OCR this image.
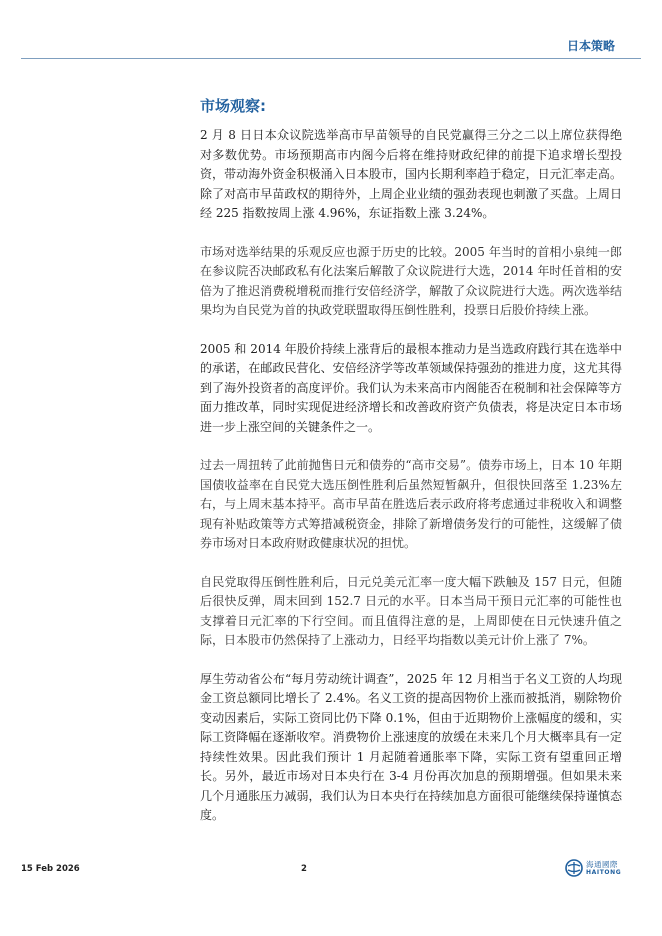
日本策略
市场观察:

2 月 8 日日本众议院选举高市早苗领导的自民党赢得三分之二以上席位获得绝对多数优势。市场预期高市内阁今后将在维持财政纪律的前提下追求增长型投资，带动海外资金积极涌入日本股市，国内长期利率趋于稳定，日元汇率走高。除了对高市早苗政权的期待外，上周企业业绩的强劲表现也刺激了买盘。上周日经 225 指数按周上涨 4.96%，东证指数上涨 3.24%。

市场对选举结果的乐观反应也源于历史的比较。2005 年当时的首相小泉纯一郎在参议院否决邮政私有化法案后解散了众议院进行大选，2014 年时任首相的安倍为了推迟消费税增税而推行安倍经济学，解散了众议院进行大选。两次选举结果均为自民党为首的执政党联盟取得压倒性胜利，投票日后股价持续上涨。

2005 和 2014 年股价持续上涨背后的最根本推动力是当选政府践行其在选举中的承诺，在邮政民营化、安倍经济学等改革领域保持强劲的推进力度，这尤其得到了海外投资者的高度评价。我们认为未来高市内阁能否在税制和社会保障等方面力推改革，同时实现促进经济增长和改善政府资产负债表，将是决定日本市场进一步上涨空间的关键条件之一。

过去一周扭转了此前抛售日元和债券的“高市交易”。债券市场上，日本 10 年期国债收益率在自民党大选压倒性胜利后虽然短暂飙升，但很快回落至 1.23%左右，与上周末基本持平。高市早苗在胜选后表示政府将考虑通过非税收入和调整现有补贴政策等方式筹措减税资金，排除了新增债务发行的可能性，这缓解了债券市场对日本政府财政健康状况的担忧。

自民党取得压倒性胜利后，日元兑美元汇率一度大幅下跌触及 157 日元，但随后很快反弹，周末回到 152.7 日元的水平。日本当局干预日元汇率的可能性也支撑着日元汇率的下行空间。而且值得注意的是，上周即使在日元快速升值之际，日本股市仍然保持了上涨动力，日经平均指数以美元计价上涨了 7%。

厚生劳动省公布“每月劳动统计调查”，2025 年 12 月相当于名义工资的人均现金工资总额同比增长了 2.4%。名义工资的提高因物价上涨而被抵消，剔除物价变动因素后，实际工资同比仍下降 0.1%，但由于近期物价上涨幅度的缓和，实际工资降幅在逐渐收窄。消费物价上涨速度的放缓在未来几个月大概率具有一定持续性效果。因此我们预计 1 月起随着通胀率下降，实际工资有望重回正增长。另外，最近市场对日本央行在 3-4 月份再次加息的预期增强。但如果未来几个月通胀压力减弱，我们认为日本央行在持续加息方面很可能继续保持谨慎态度。

15 Feb 2026	2	海通國際
HAITONG
